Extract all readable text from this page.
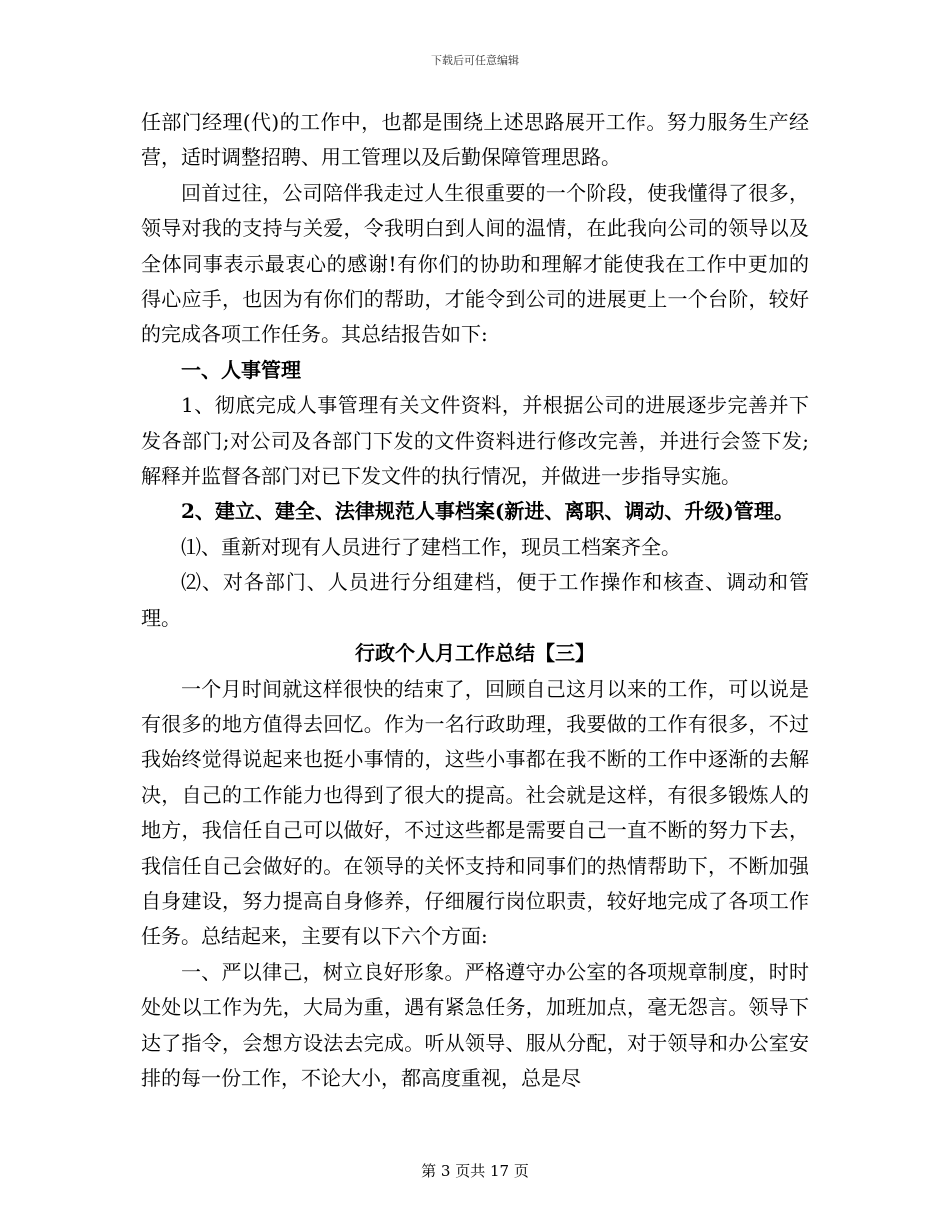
下载后可任意编辑

任部门经理(代)的工作中，也都是围绕上述思路展开工作。努力服务生产经营，适时调整招聘、用工管理以及后勤保障管理思路。

回首过往，公司陪伴我走过人生很重要的一个阶段，使我懂得了很多，领导对我的支持与关爱，令我明白到人间的温情，在此我向公司的领导以及全体同事表示最衷心的感谢!有你们的协助和理解才能使我在工作中更加的得心应手，也因为有你们的帮助，才能令到公司的进展更上一个台阶，较好的完成各项工作任务。其总结报告如下:

一、人事管理

1、彻底完成人事管理有关文件资料，并根据公司的进展逐步完善并下发各部门;对公司及各部门下发的文件资料进行修改完善，并进行会签下发;解释并监督各部门对已下发文件的执行情况，并做进一步指导实施。

2、建立、建全、法律规范人事档案(新进、离职、调动、升级)管理。

⑴、重新对现有人员进行了建档工作，现员工档案齐全。

⑵、对各部门、人员进行分组建档，便于工作操作和核查、调动和管理。

行政个人月工作总结【三】

一个月时间就这样很快的结束了，回顾自己这月以来的工作，可以说是有很多的地方值得去回忆。作为一名行政助理，我要做的工作有很多，不过我始终觉得说起来也挺小事情的，这些小事都在我不断的工作中逐渐的去解决，自己的工作能力也得到了很大的提高。社会就是这样，有很多锻炼人的地方，我信任自己可以做好，不过这些都是需要自己一直不断的努力下去，我信任自己会做好的。在领导的关怀支持和同事们的热情帮助下，不断加强自身建设，努力提高自身修养，仔细履行岗位职责，较好地完成了各项工作任务。总结起来，主要有以下六个方面:

一、严以律己，树立良好形象。严格遵守办公室的各项规章制度，时时处处以工作为先，大局为重，遇有紧急任务，加班加点，毫无怨言。领导下达了指令，会想方设法去完成。听从领导、服从分配，对于领导和办公室安排的每一份工作，不论大小，都高度重视，总是尽

第 3 页共 17 页
